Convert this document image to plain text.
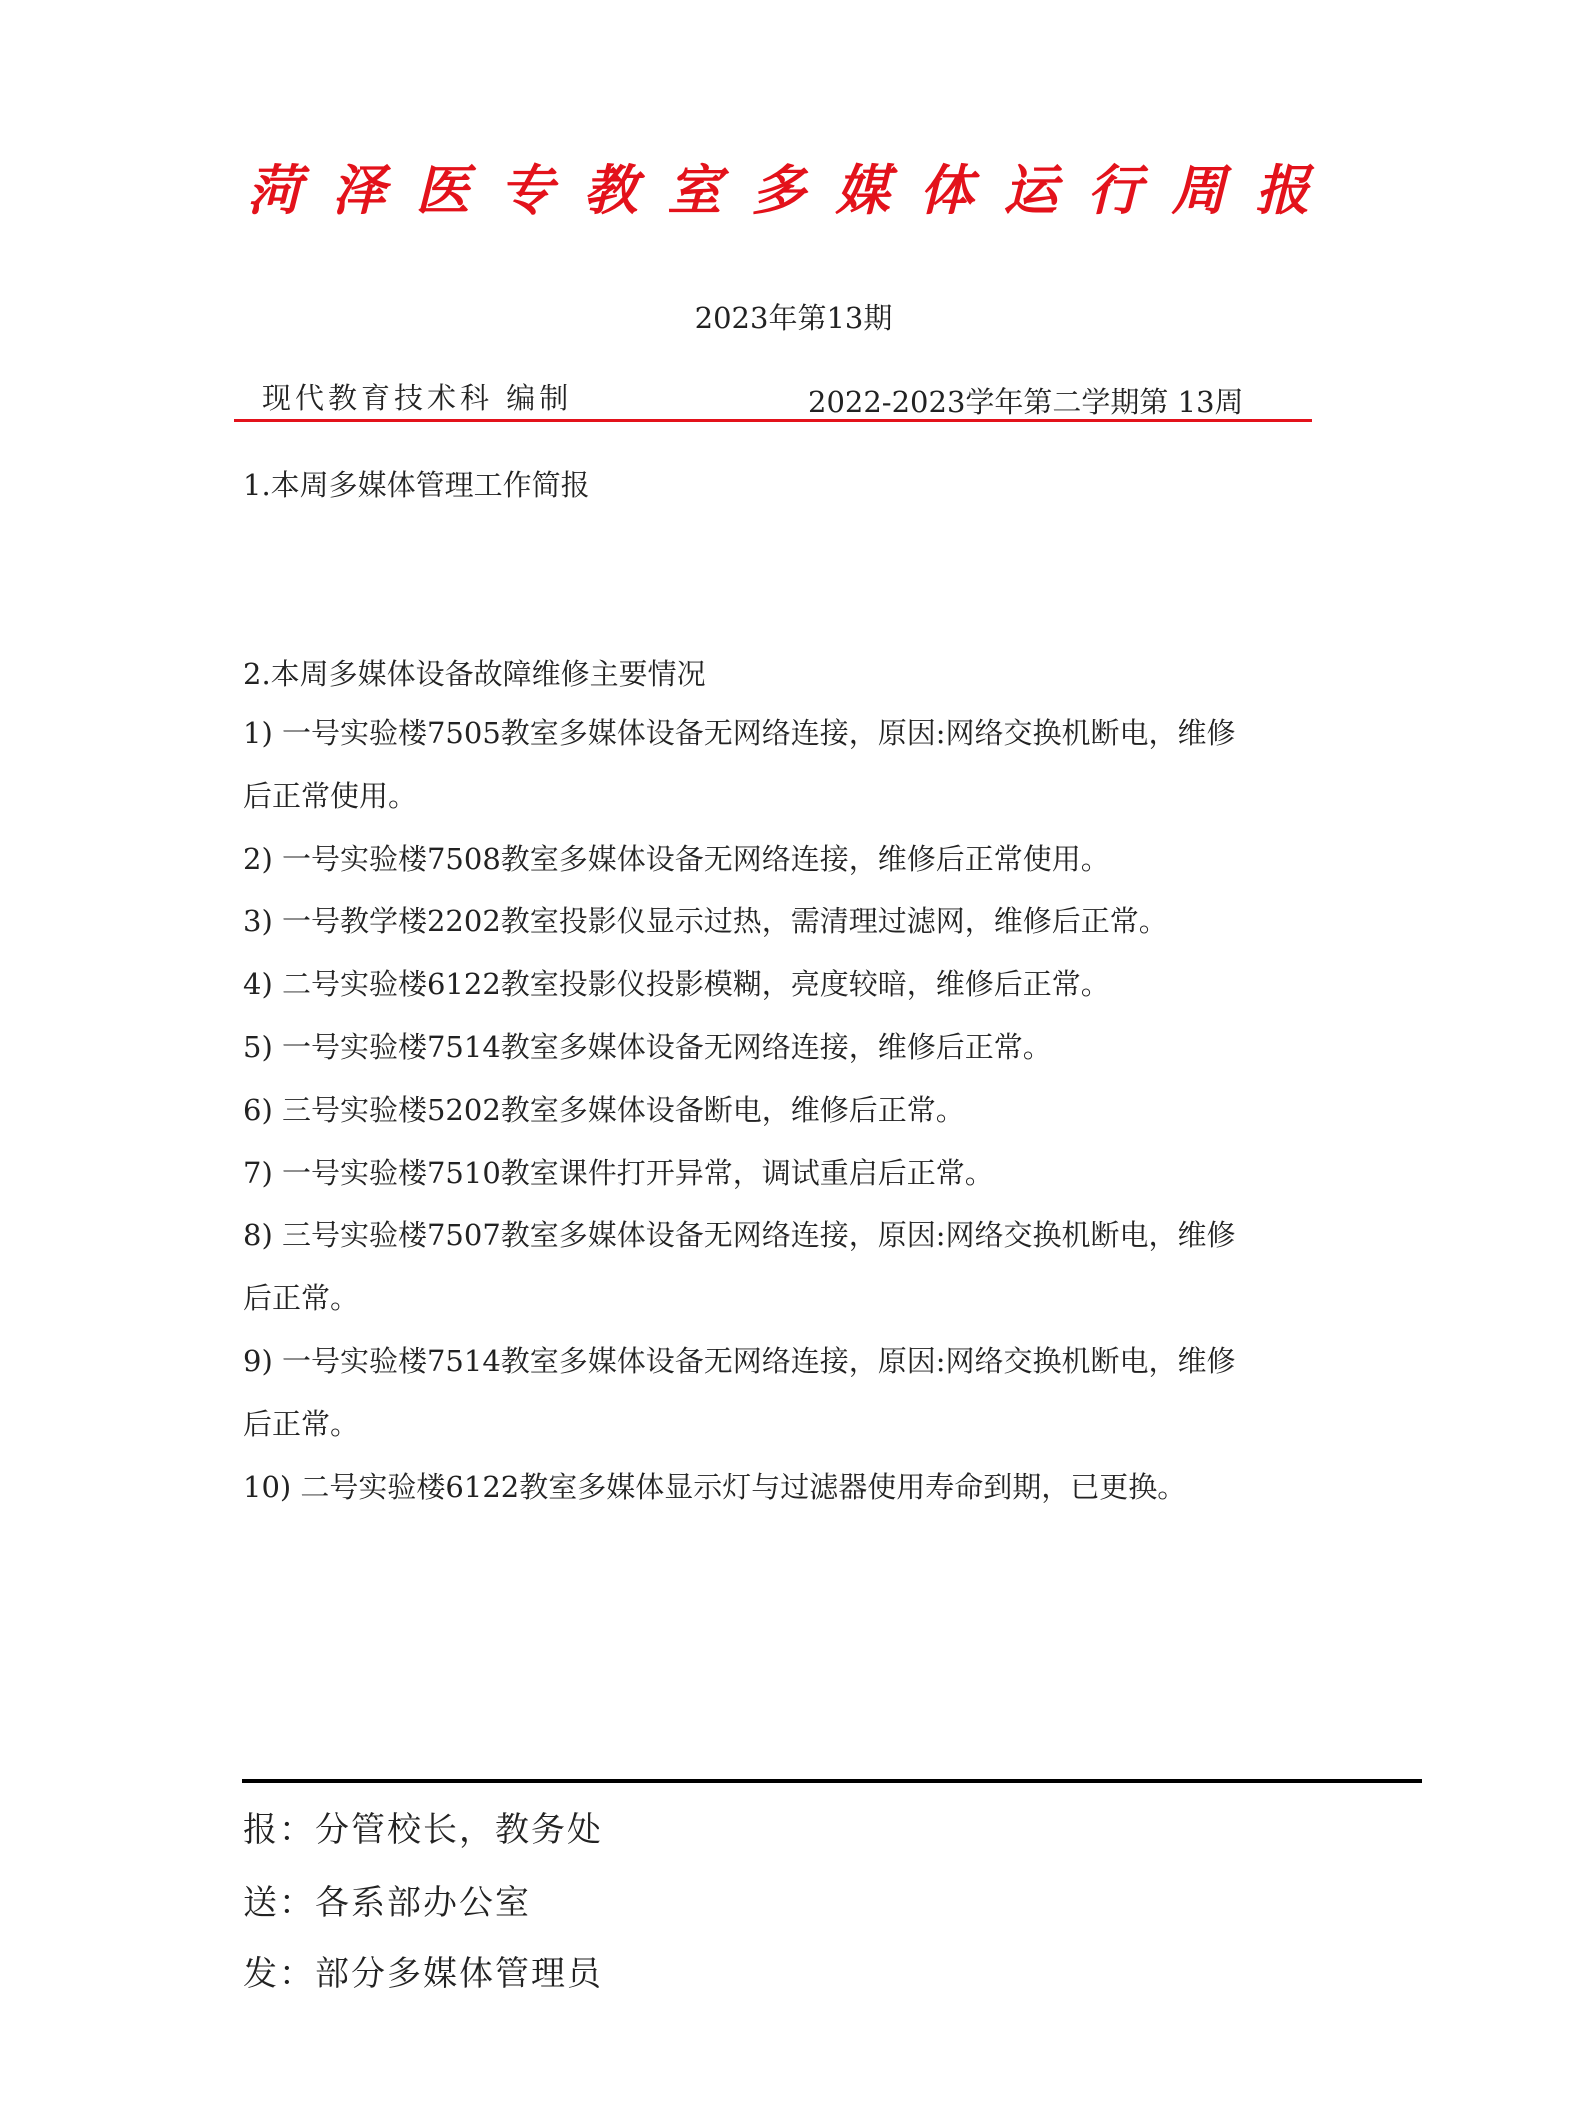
菏泽医专教室多媒体运行周报
2023年第13期
现代教育技术科 编制	2022-2023学年第二学期第 13周
1.本周多媒体管理工作简报
2.本周多媒体设备故障维修主要情况

1) 一号实验楼7505教室多媒体设备无网络连接，原因:网络交换机断电，维修

后正常使用。

2) 一号实验楼7508教室多媒体设备无网络连接，维修后正常使用。

3) 一号教学楼2202教室投影仪显示过热，需清理过滤网，维修后正常。

4) 二号实验楼6122教室投影仪投影模糊，亮度较暗，维修后正常。

5) 一号实验楼7514教室多媒体设备无网络连接，维修后正常。

6) 三号实验楼5202教室多媒体设备断电，维修后正常。

7) 一号实验楼7510教室课件打开异常，调试重启后正常。

8) 三号实验楼7507教室多媒体设备无网络连接，原因:网络交换机断电，维修

后正常。

9) 一号实验楼7514教室多媒体设备无网络连接，原因:网络交换机断电，维修

后正常。

10) 二号实验楼6122教室多媒体显示灯与过滤器使用寿命到期，已更换。

报：分管校长，教务处
送：各系部办公室
发：部分多媒体管理员
